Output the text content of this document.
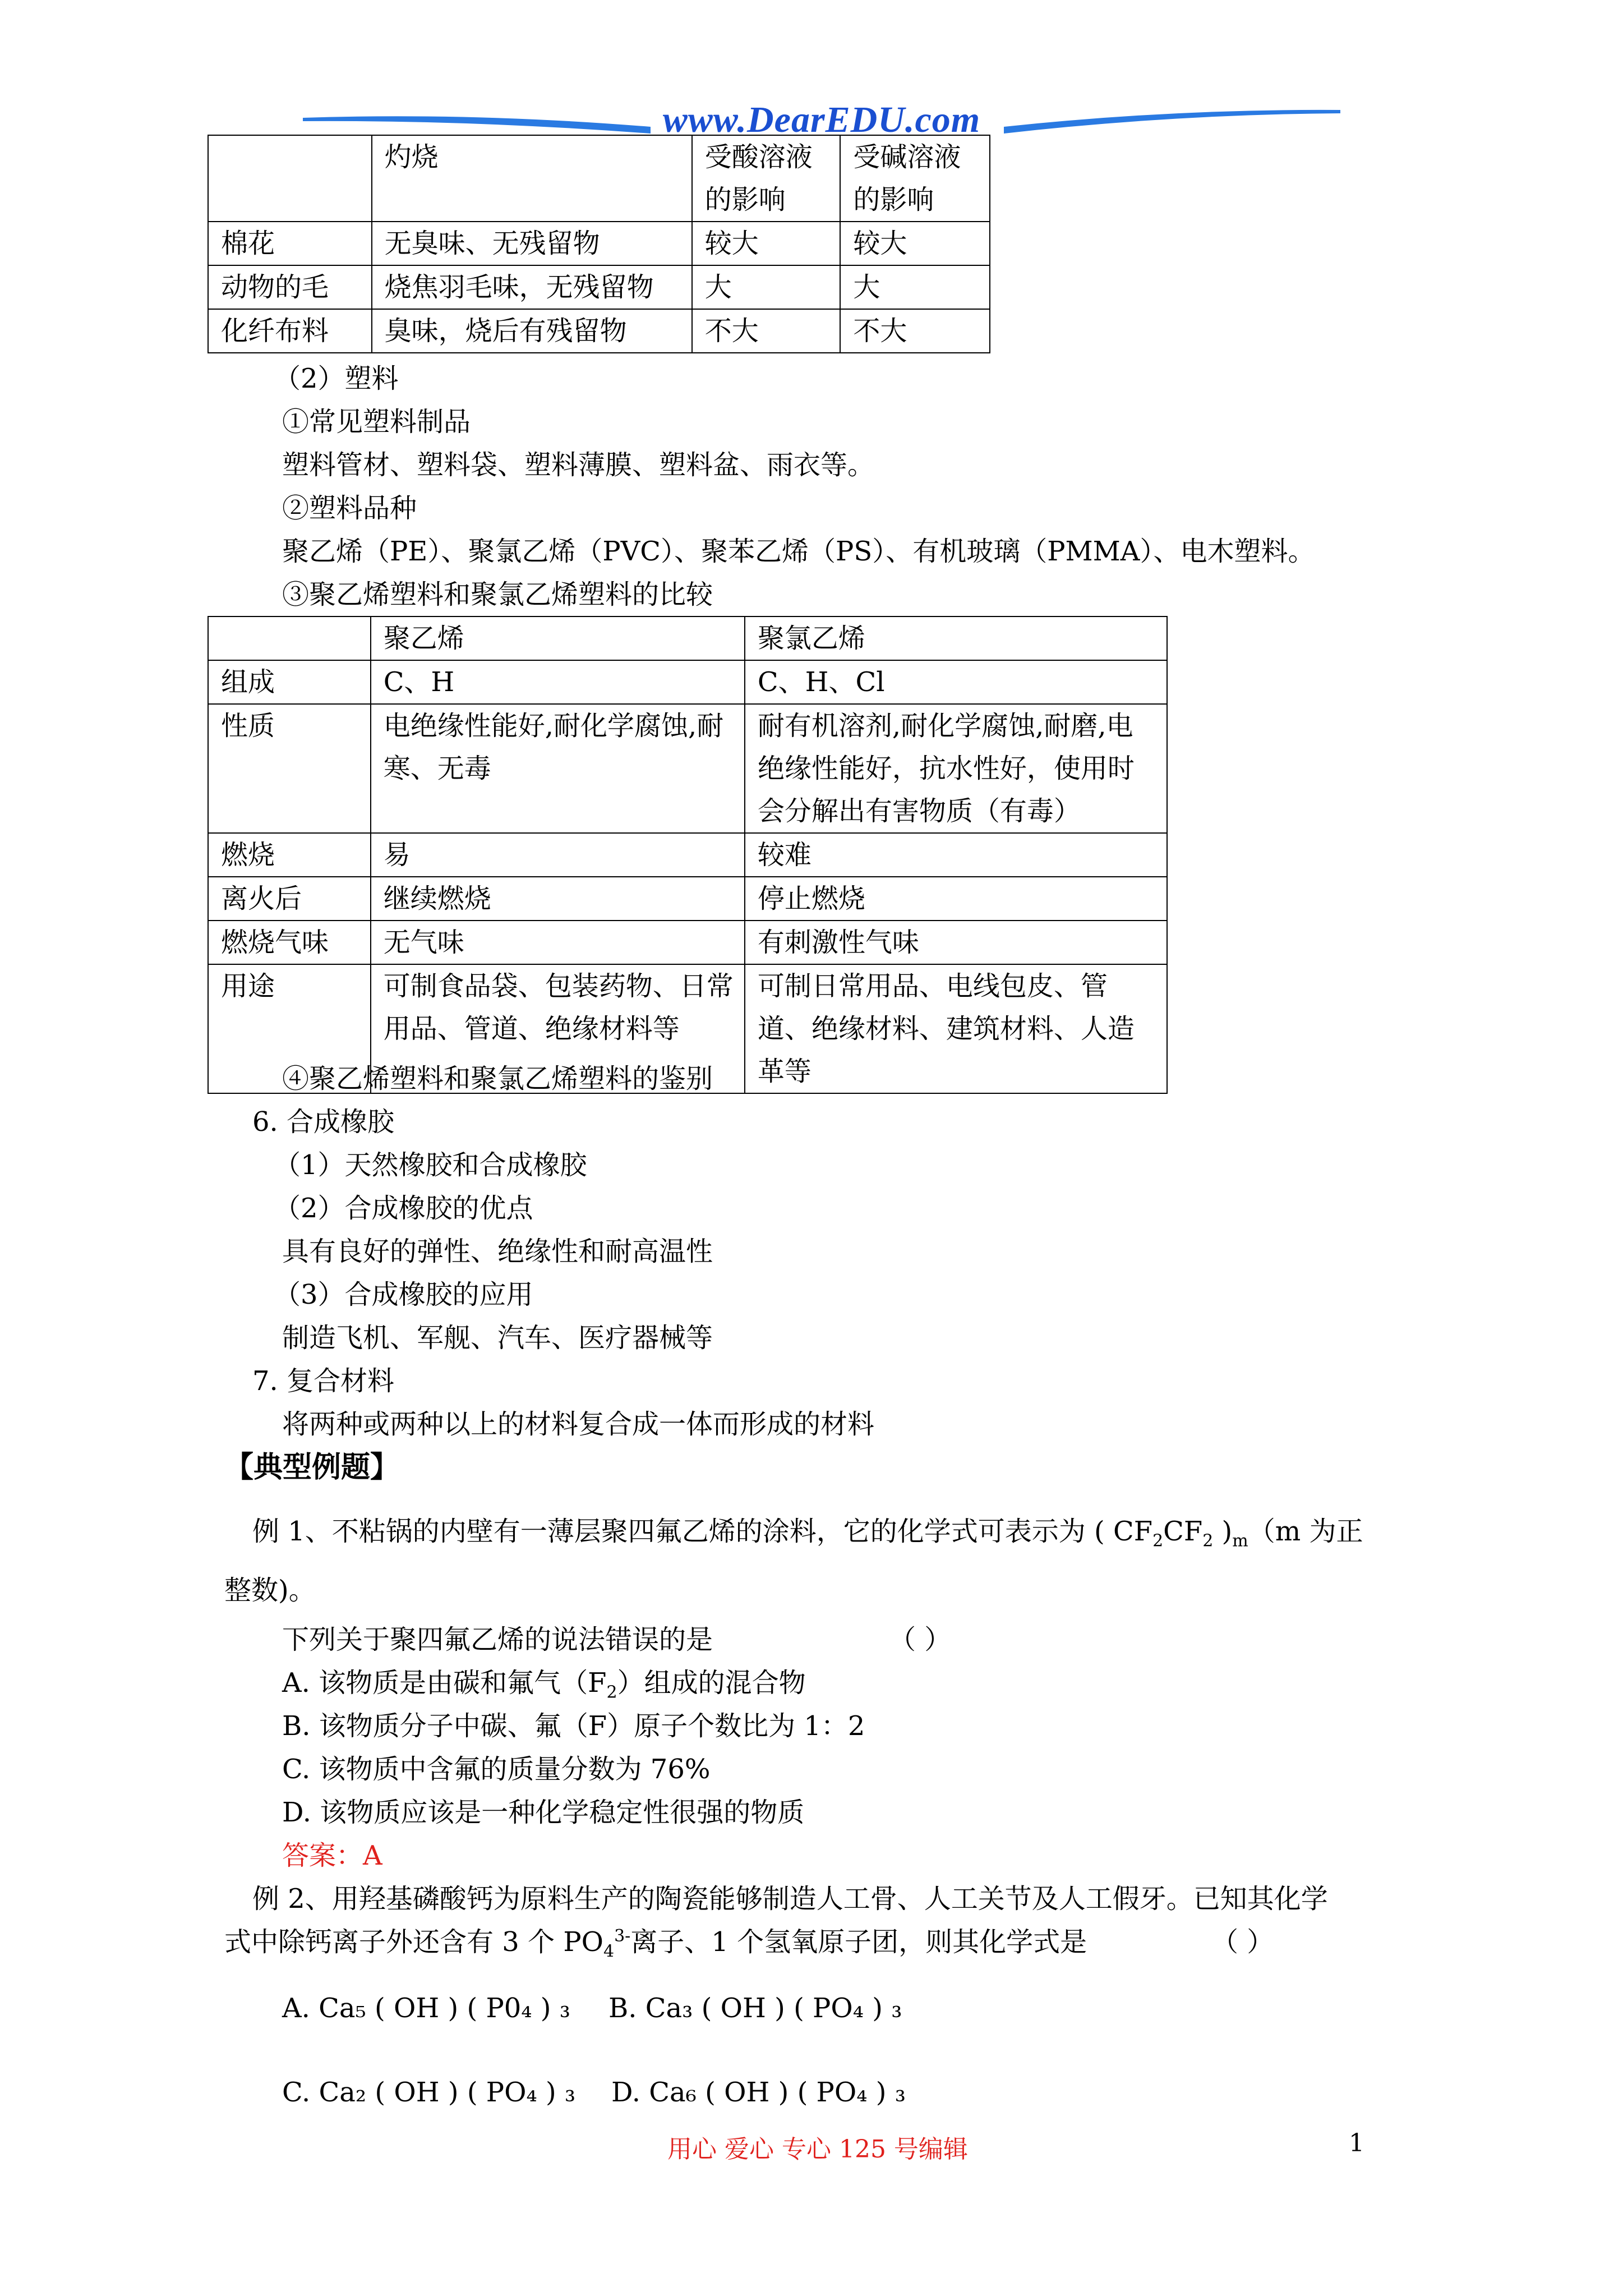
www.DearEDU.com
	灼烧	受酸溶液的影响	受碱溶液的影响
棉花	无臭味、无残留物	较大	较大
动物的毛	烧焦羽毛味，无残留物	大	大
化纤布料	臭味，烧后有残留物	不大	不大
（2）塑料
①常见塑料制品
塑料管材、塑料袋、塑料薄膜、塑料盆、雨衣等。
②塑料品种
聚乙烯（PE）、聚氯乙烯（PVC）、聚苯乙烯（PS）、有机玻璃（PMMA）、电木塑料。
③聚乙烯塑料和聚氯乙烯塑料的比较
	聚乙烯	聚氯乙烯
组成	C、H	C、H、Cl
性质	电绝缘性能好,耐化学腐蚀,耐寒、无毒	耐有机溶剂,耐化学腐蚀,耐磨,电绝缘性能好，抗水性好，使用时会分解出有害物质（有毒）
燃烧	易	较难
离火后	继续燃烧	停止燃烧
燃烧气味	无气味	有刺激性气味
用途	可制食品袋、包装药物、日常用品、管道、绝缘材料等	可制日常用品、电线包皮、管道、绝缘材料、建筑材料、人造革等
④聚乙烯塑料和聚氯乙烯塑料的鉴别
6. 合成橡胶
（1）天然橡胶和合成橡胶
（2）合成橡胶的优点
具有良好的弹性、绝缘性和耐高温性
（3）合成橡胶的应用
制造飞机、军舰、汽车、医疗器械等
7. 复合材料
将两种或两种以上的材料复合成一体而形成的材料
【典型例题】
例 1、不粘锅的内壁有一薄层聚四氟乙烯的涂料，它的化学式可表示为 ( $CF_2CF_2$ )$_m(m$ 为正
整数)。
下列关于聚四氟乙烯的说法错误的是	（ ）
A. 该物质是由碳和氟气$(F_2)$组成的混合物
B. 该物质分子中碳、氟（F）原子个数比为 1：2
C. 该物质中含氟的质量分数为 76%
D. 该物质应该是一种化学稳定性很强的物质
答案：A
例 2、用羟基磷酸钙为原料生产的陶瓷能够制造人工骨、人工关节及人工假牙。已知其化学
式中除钙离子外还含有 3 个 $PO_4^{3-}$离子、1 个氢氧原子团，则其化学式是	（ ）
A. Ca₅ ( OH ) ( P0₄ ) ₃ B. Ca₃ ( OH ) ( PO₄ ) ₃
C. Ca₂ ( OH ) ( PO₄ ) ₃ D. Ca₆ ( OH ) ( PO₄ ) ₃
用心 爱心 专心 125 号编辑	1
